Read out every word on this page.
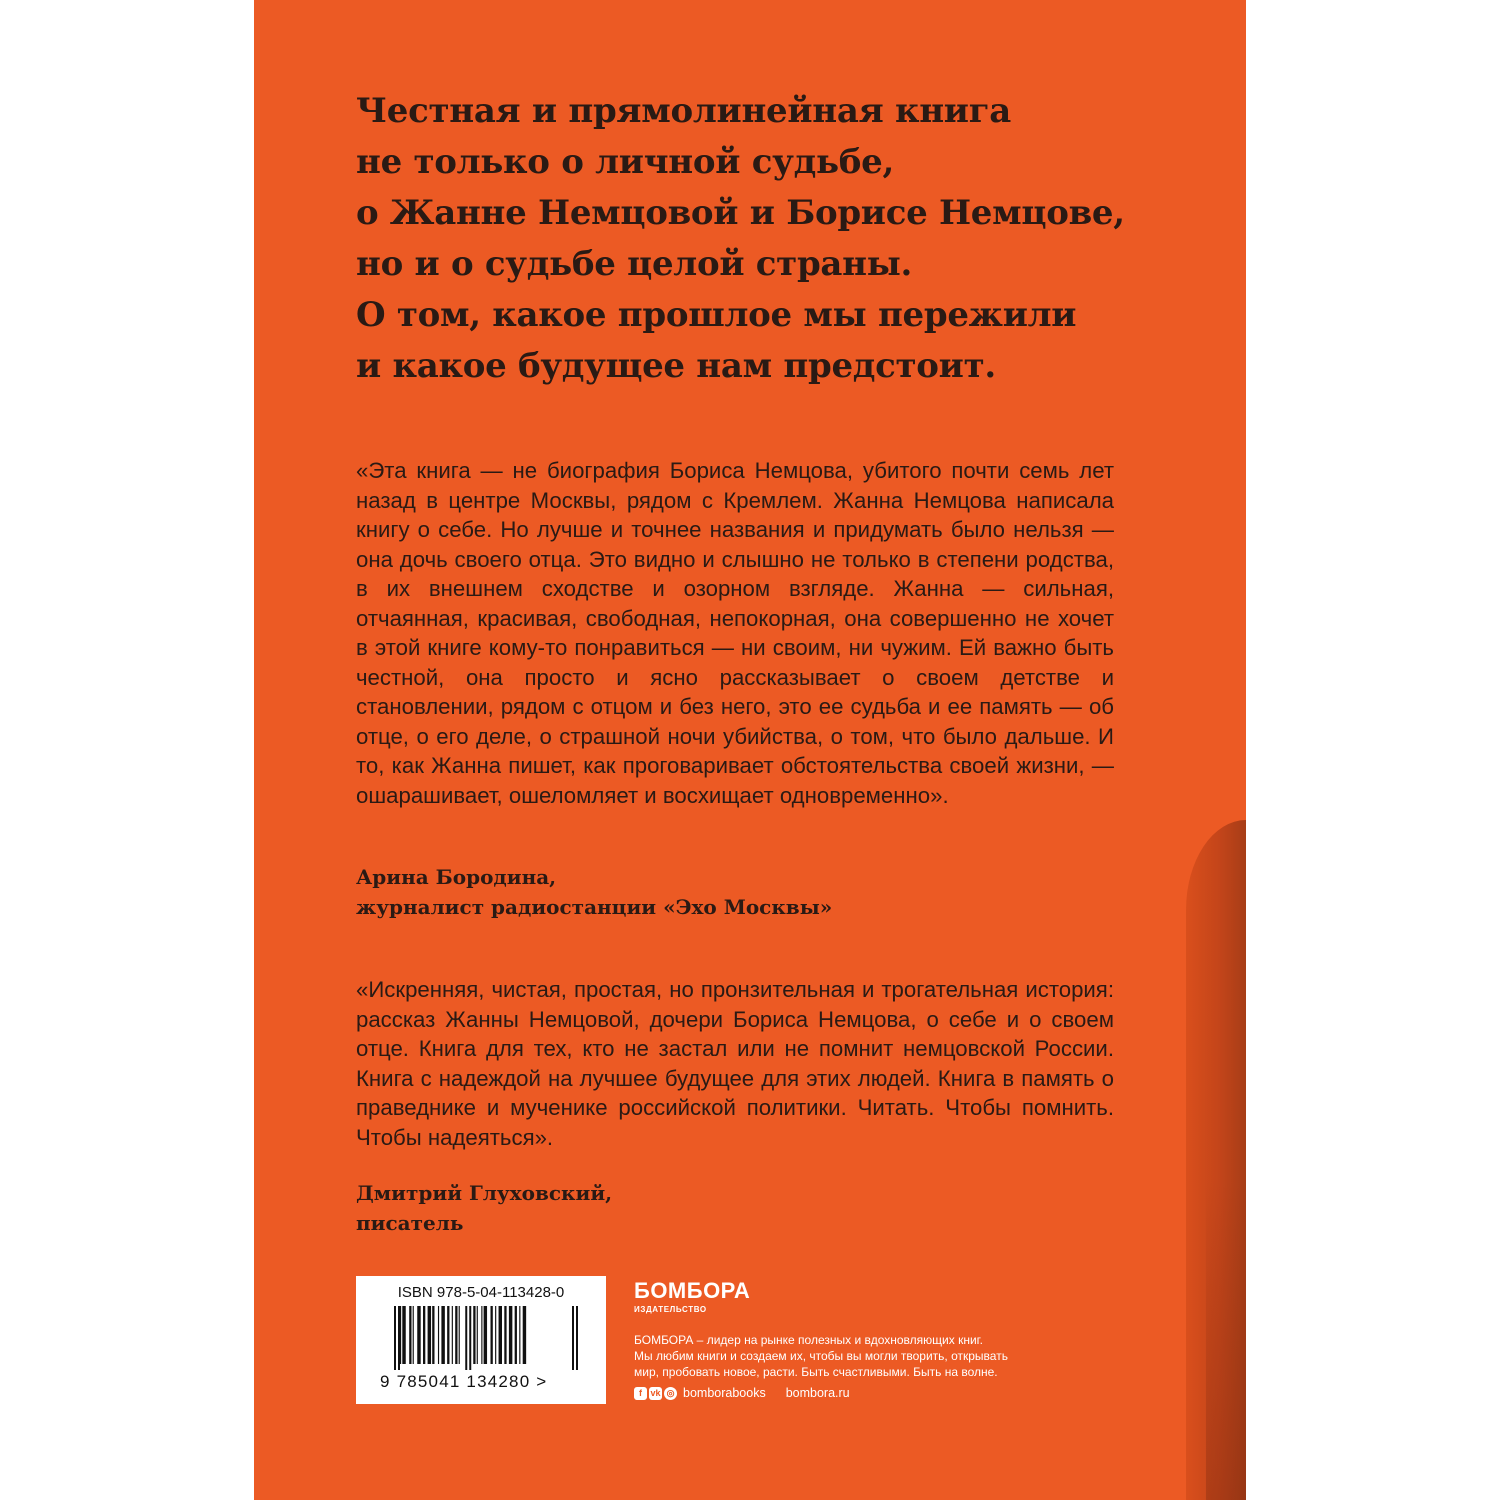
Честная и прямолинейная книга
не только о личной судьбе,
о Жанне Немцовой и Борисе Немцове,
но и о судьбе целой страны.
О том, какое прошлое мы пережили
и какое будущее нам предстоит.

«Эта книга — не биография Бориса Немцова, убитого почти семь лет назад в центре Москвы, рядом с Кремлем. Жанна Немцова написала книгу о себе. Но лучше и точнее названия и придумать было нельзя — она дочь своего отца. Это видно и слышно не только в степени родства, в их внешнем сходстве и озорном взгляде. Жанна — сильная, отчаянная, красивая, свободная, непокорная, она совершенно не хочет в этой книге кому-то понравиться — ни своим, ни чужим. Ей важно быть честной, она просто и ясно рассказывает о своем детстве и становлении, рядом с отцом и без него, это ее судьба и ее память — об отце, о его деле, о страшной ночи убийства, о том, что было дальше. И то, как Жанна пишет, как проговаривает обстоятельства своей жизни, — ошарашивает, ошеломляет и восхищает одновременно».

Арина Бородина,
журналист радиостанции «Эхо Москвы»

«Искренняя, чистая, простая, но пронзительная и трогательная история: рассказ Жанны Немцовой, дочери Бориса Немцова, о себе и о своем отце. Книга для тех, кто не застал или не помнит немцовской России. Книга с надеждой на лучшее будущее для этих людей. Книга в память о праведнике и мученике российской политики. Читать. Чтобы помнить. Чтобы надеяться».

Дмитрий Глуховский,
писатель
ISBN 978-5-04-113428-0
9 785041 134280 >
БОМБОРА
ИЗДАТЕЛЬСТВО
БОМБОРА – лидер на рынке полезных и вдохновляющих книг.
Мы любим книги и создаем их, чтобы вы могли творить, открывать
мир, пробовать новое, расти. Быть счастливыми. Быть на волне.
f vk ◎ bomborabooks bombora.ru
